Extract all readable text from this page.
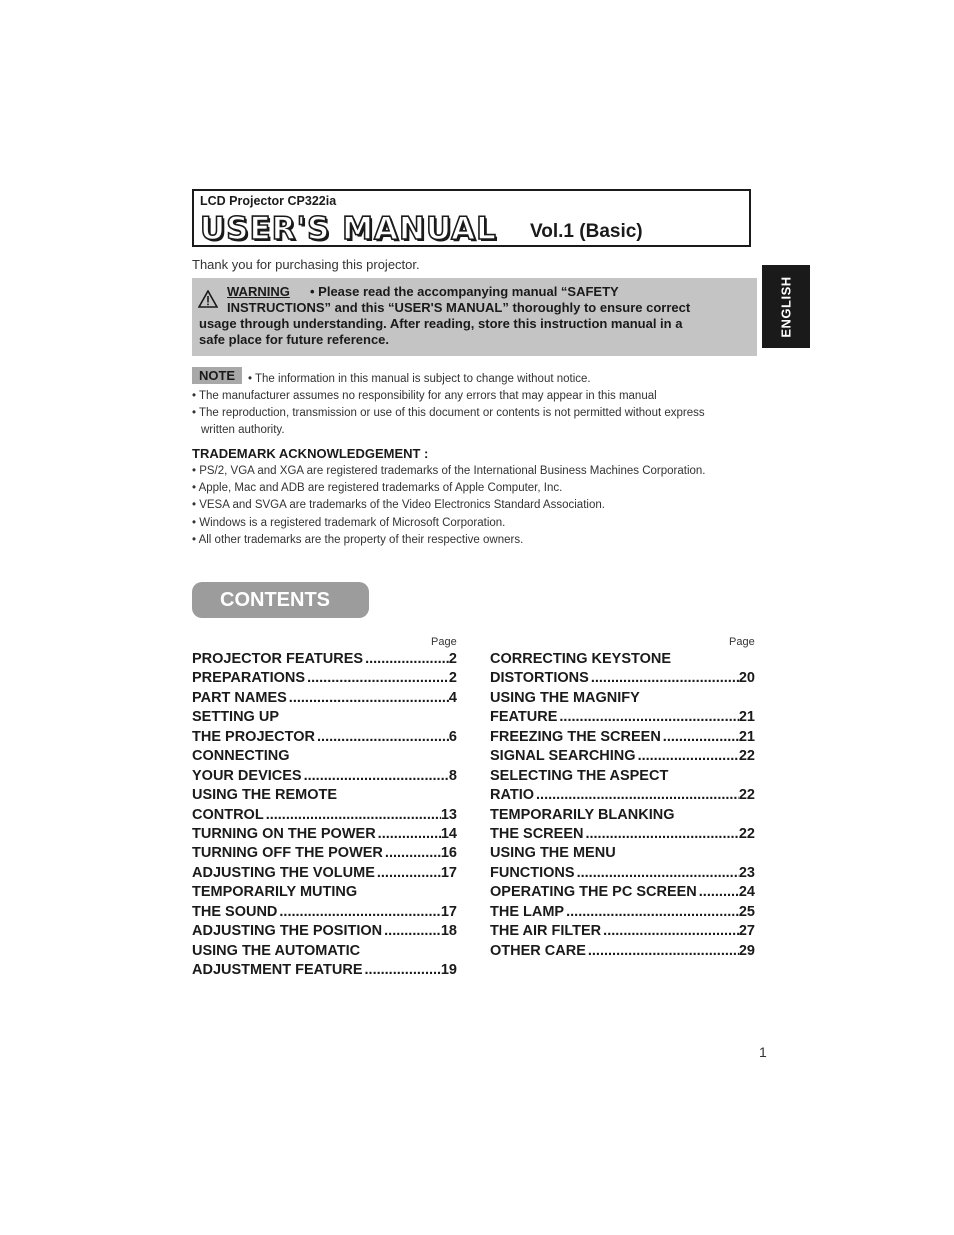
LCD Projector CP322ia
USER'S MANUAL Vol.1 (Basic)
Thank you for purchasing this projector.
WARNING • Please read the accompanying manual “SAFETY
INSTRUCTIONS” and this “USER'S MANUAL” thoroughly to ensure correct
usage through understanding. After reading, store this instruction manual in a
safe place for future reference.
NOTE	• The information in this manual is subject to change without notice.
• The manufacturer assumes no responsibility for any errors that may appear in this manual
• The reproduction, transmission or use of this document or contents is not permitted without express
written authority.
TRADEMARK ACKNOWLEDGEMENT :
• PS/2, VGA and XGA are registered trademarks of the International Business Machines Corporation.
• Apple, Mac and ADB are registered trademarks of Apple Computer, Inc.
• VESA and SVGA are trademarks of the Video Electronics Standard Association.
• Windows is a registered trademark of Microsoft Corporation.
• All other trademarks are the property of their respective owners.
CONTENTS
Page	Page
PROJECTOR FEATURES .....	2
PREPARATIONS .....	2
PART NAMES .....	4
SETTING UP
THE PROJECTOR .....	6
CONNECTING
YOUR DEVICES .....	8
USING THE REMOTE
CONTROL .....	13
TURNING ON THE POWER .....	14
TURNING OFF THE POWER .....	16
ADJUSTING THE VOLUME .....	17
TEMPORARILY MUTING
THE SOUND .....	17
ADJUSTING THE POSITION .....	18
USING THE AUTOMATIC
ADJUSTMENT FEATURE .....	19
CORRECTING KEYSTONE
DISTORTIONS .....	20
USING THE MAGNIFY
FEATURE .....	21
FREEZING THE SCREEN .....	21
SIGNAL SEARCHING .....	22
SELECTING THE ASPECT
RATIO .....	22
TEMPORARILY BLANKING
THE SCREEN .....	22
USING THE MENU
FUNCTIONS .....	23
OPERATING THE PC SCREEN .....	24
THE LAMP .....	25
THE AIR FILTER .....	27
OTHER CARE .....	29
ENGLISH
1
